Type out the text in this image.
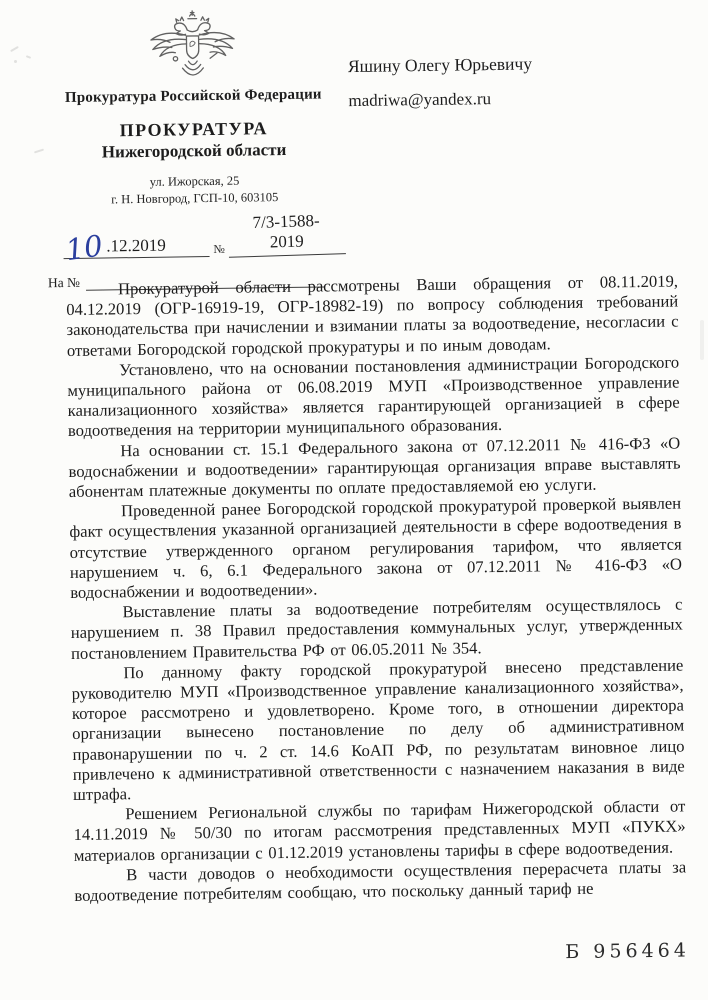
Прокуратура Российской Федерации
ПРОКУРАТУРА
Нижегородской области
ул. Ижорская, 25
г. Н. Новгород, ГСП-10, 603105
10 .12.2019	№
7/3-1588-2019
На №

Яшину Олегу Юрьевичу

madriwa@yandex.ru

Прокуратурой области рассмотрены Ваши обращения от 08.11.2019, 04.12.2019 (ОГР-16919-19, ОГР-18982-19) по вопросу соблюдения требований законодательства при начислении и взимании платы за водоотведение, несогласии с ответами Богородской городской прокуратуры и по иным доводам.

Установлено, что на основании постановления администрации Богородского муниципального района от 06.08.2019 МУП «Производственное управление канализационного хозяйства» является гарантирующей организацией в сфере водоотведения на территории муниципального образования.

На основании ст. 15.1 Федерального закона от 07.12.2011 № 416-ФЗ «О водоснабжении и водоотведении» гарантирующая организация вправе выставлять абонентам платежные документы по оплате предоставляемой ею услуги.

Проведенной ранее Богородской городской прокуратурой проверкой выявлен факт осуществления указанной организацией деятельности в сфере водоотведения в отсутствие утвержденного органом регулирования тарифом, что является нарушением ч. 6, 6.1 Федерального закона от 07.12.2011 № 416-ФЗ «О водоснабжении и водоотведении».

Выставление платы за водоотведение потребителям осуществлялось с нарушением п. 38 Правил предоставления коммунальных услуг, утвержденных постановлением Правительства РФ от 06.05.2011 № 354.

По данному факту городской прокуратурой внесено представление руководителю МУП «Производственное управление канализационного хозяйства», которое рассмотрено и удовлетворено. Кроме того, в отношении директора организации вынесено постановление по делу об административном правонарушении по ч. 2 ст. 14.6 КоАП РФ, по результатам виновное лицо привлечено к административной ответственности с назначением наказания в виде штрафа.

Решением Региональной службы по тарифам Нижегородской области от 14.11.2019 № 50/30 по итогам рассмотрения представленных МУП «ПУКХ» материалов организации с 01.12.2019 установлены тарифы в сфере водоотведения.

В части доводов о необходимости осуществления перерасчета платы за водоотведение потребителям сообщаю, что поскольку данный тариф не

Б 956464
